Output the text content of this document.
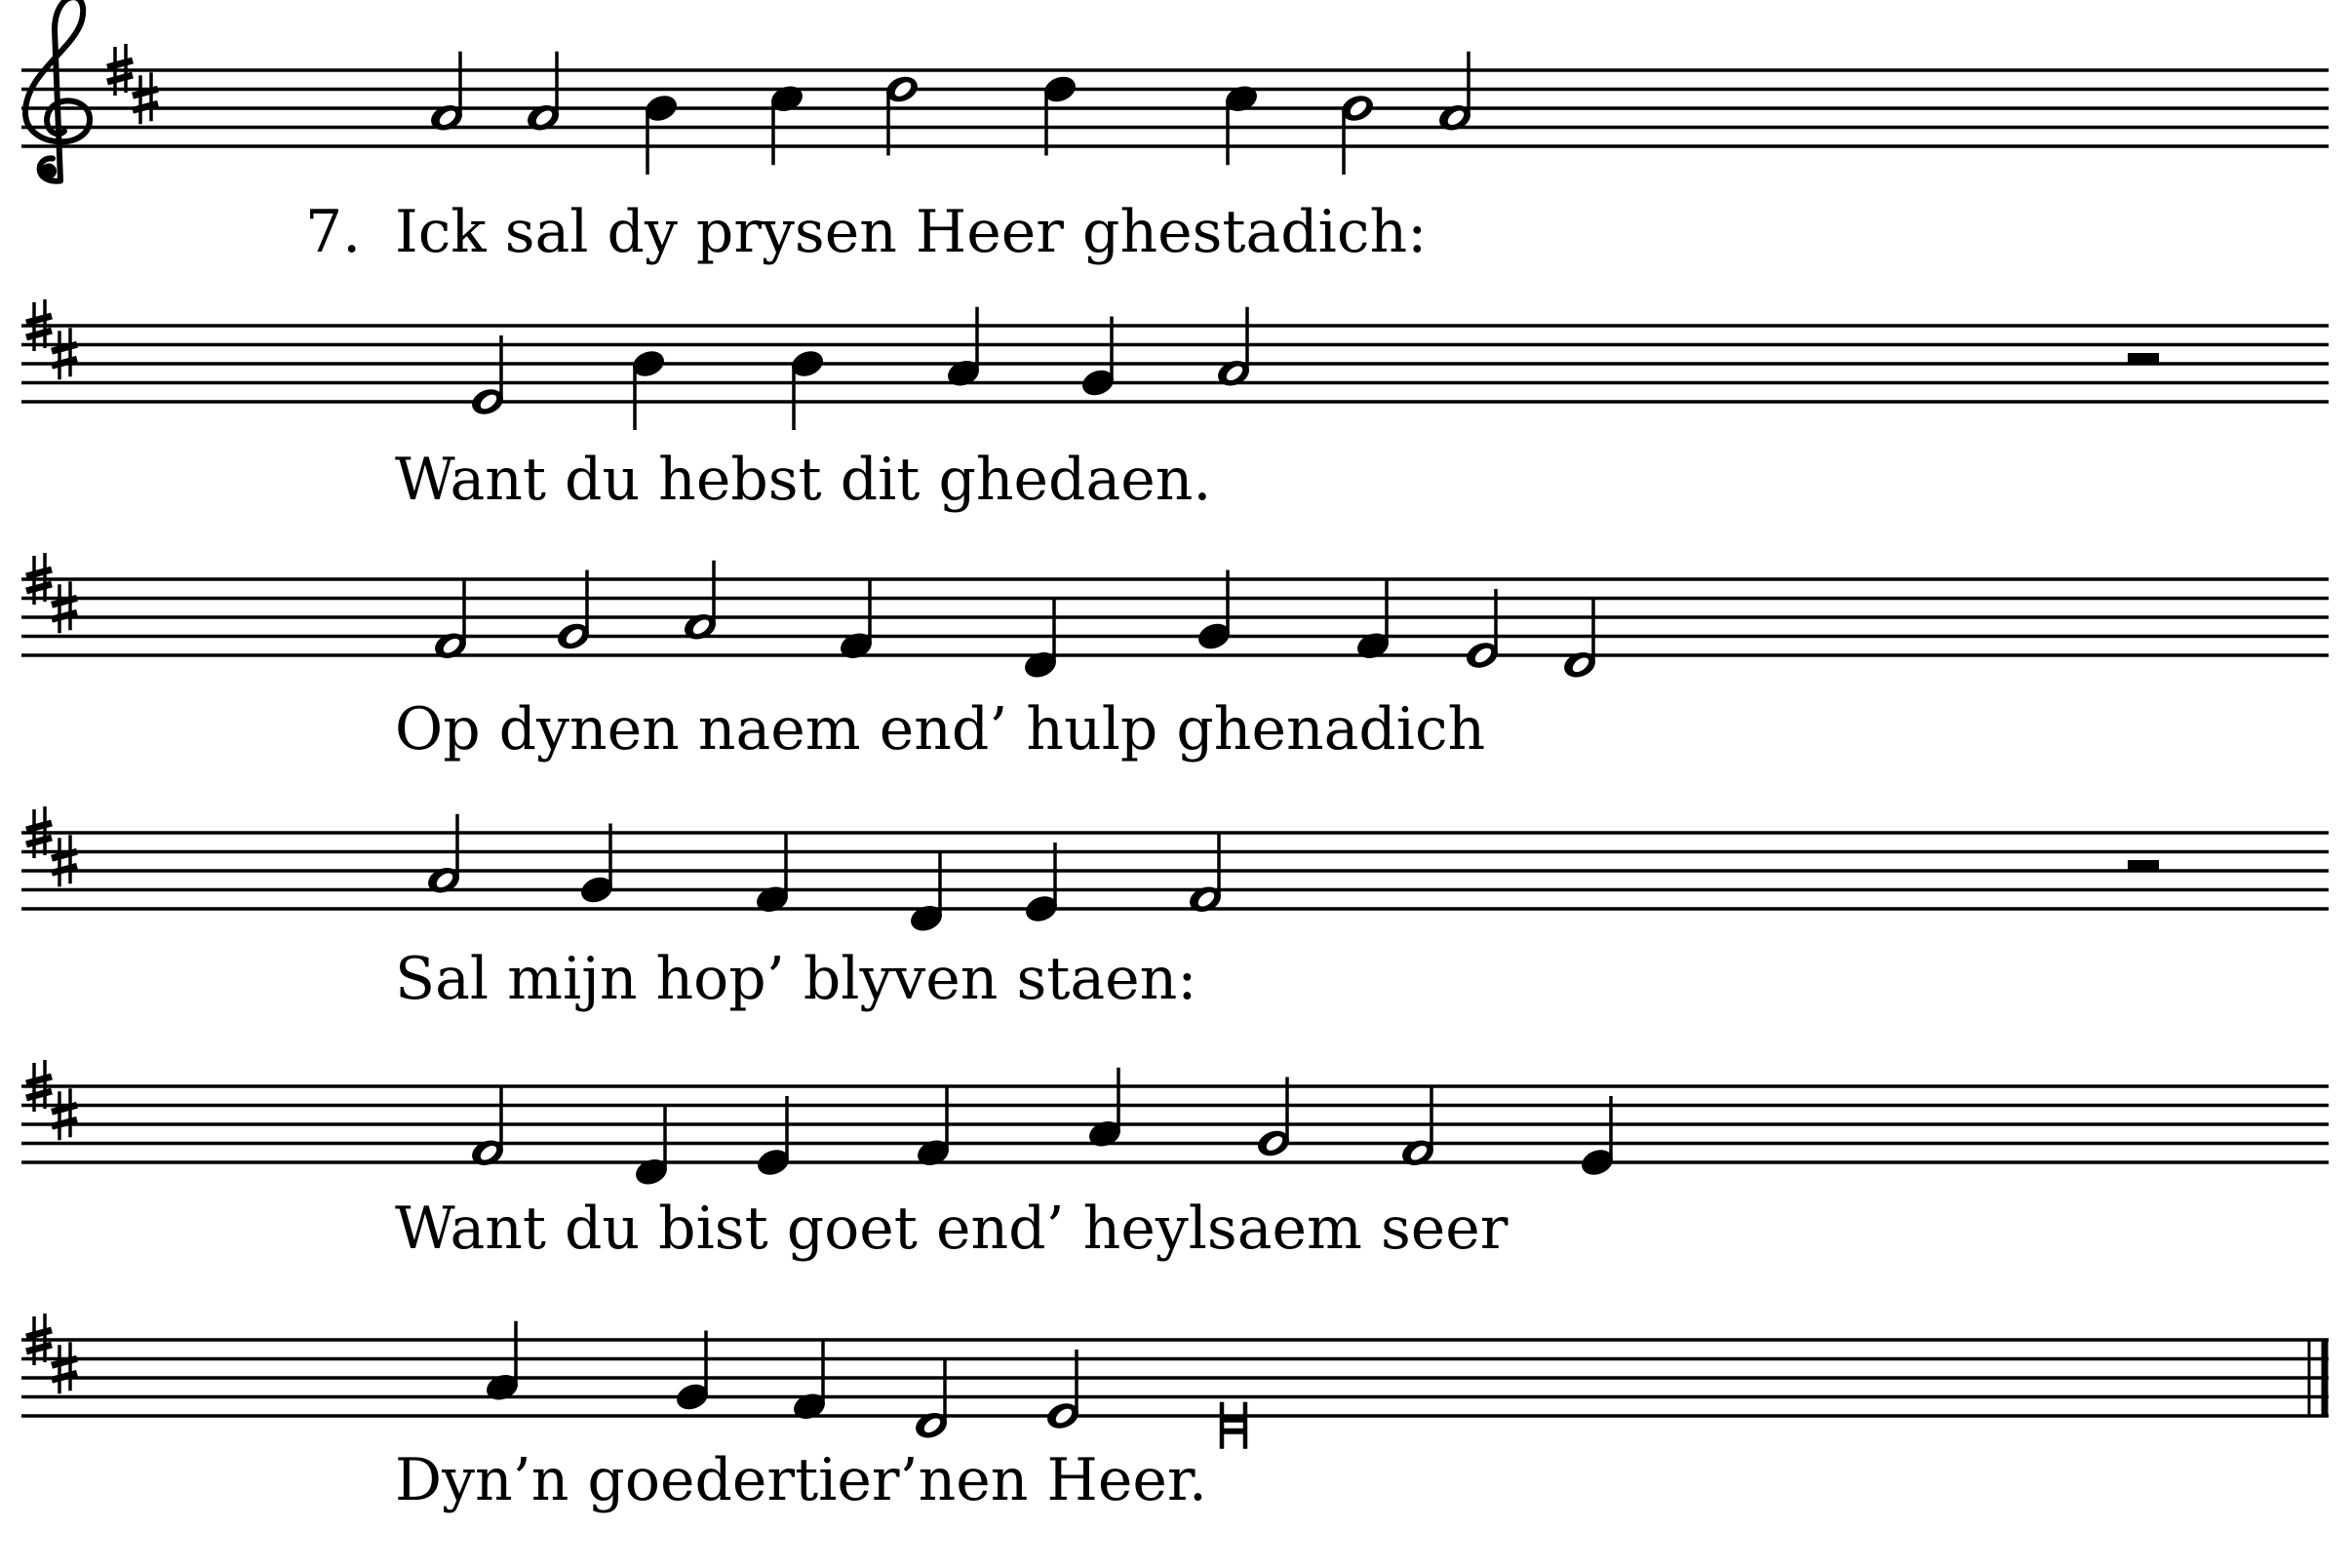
7. Ick sal dy prysen Heer ghestadich:
Want du hebst dit ghedaen.
Op dynen naem end’ hulp ghenadich
Sal mijn hop’ blyven staen:
Want du bist goet end’ heylsaem seer
Dyn’n goedertier’nen Heer.
